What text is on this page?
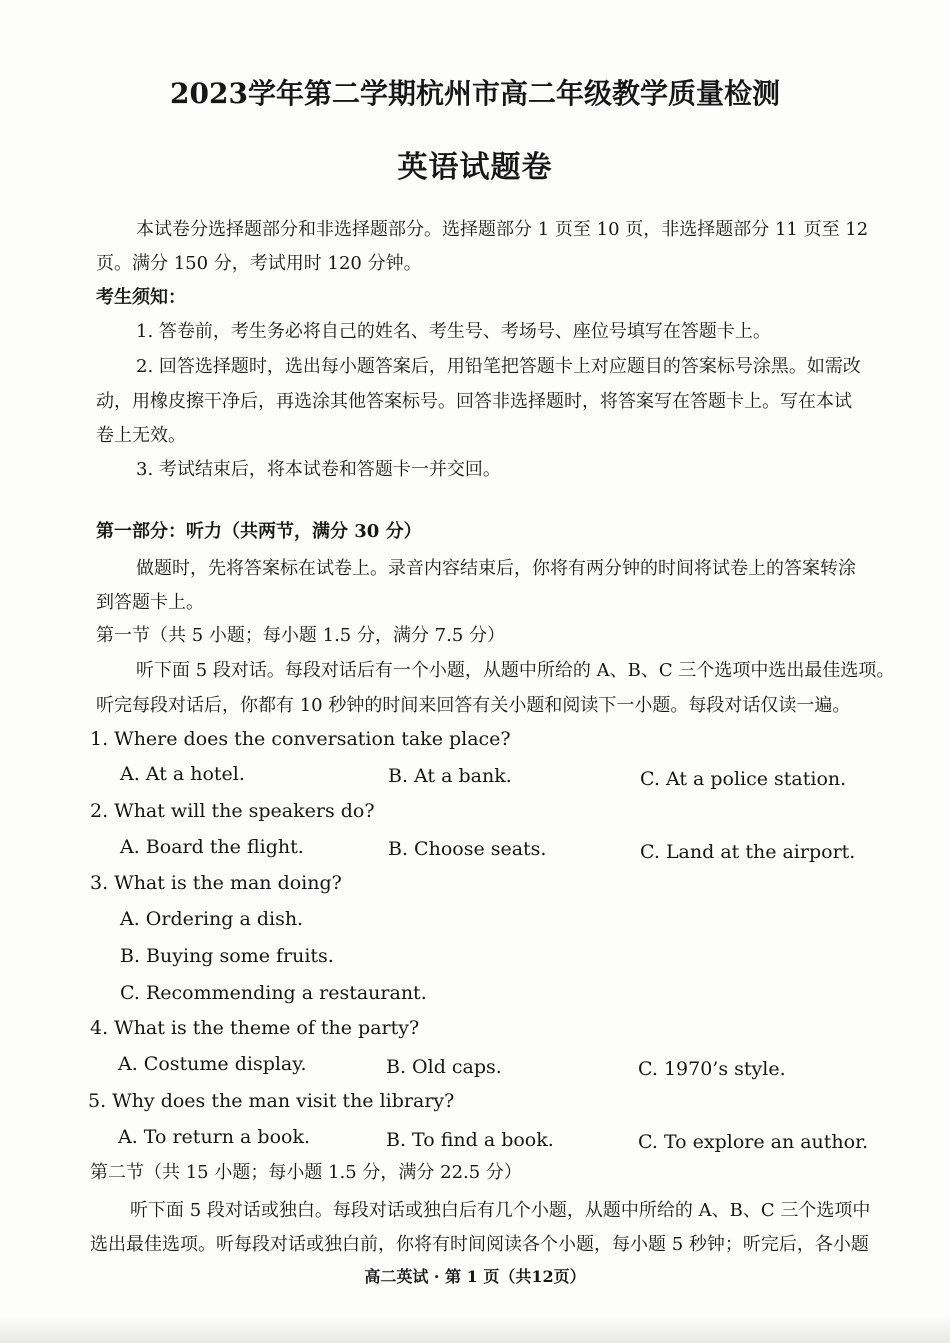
2023学年第二学期杭州市高二年级教学质量检测
英语试题卷

本试卷分选择题部分和非选择题部分。选择题部分 1 页至 10 页，非选择题部分 11 页至 12

页。满分 150 分，考试用时 120 分钟。

考生须知：

1. 答卷前，考生务必将自己的姓名、考生号、考场号、座位号填写在答题卡上。

2. 回答选择题时，选出每小题答案后，用铅笔把答题卡上对应题目的答案标号涂黑。如需改

动，用橡皮擦干净后，再选涂其他答案标号。回答非选择题时，将答案写在答题卡上。写在本试

卷上无效。

3. 考试结束后，将本试卷和答题卡一并交回。

第一部分：听力（共两节，满分 30 分）

做题时，先将答案标在试卷上。录音内容结束后，你将有两分钟的时间将试卷上的答案转涂

到答题卡上。

第一节（共 5 小题；每小题 1.5 分，满分 7.5 分）

听下面 5 段对话。每段对话后有一个小题，从题中所给的 A、B、C 三个选项中选出最佳选项。

听完每段对话后，你都有 10 秒钟的时间来回答有关小题和阅读下一小题。每段对话仅读一遍。

1. Where does the conversation take place?

A. At a hotel.	B. At a bank.	C. At a police station.

2. What will the speakers do?

A. Board the flight.	B. Choose seats.	C. Land at the airport.

3. What is the man doing?

A. Ordering a dish.

B. Buying some fruits.

C. Recommending a restaurant.

4. What is the theme of the party?

A. Costume display.	B. Old caps.	C. 1970’s style.

5. Why does the man visit the library?

A. To return a book.	B. To find a book.	C. To explore an author.

第二节（共 15 小题；每小题 1.5 分，满分 22.5 分）

听下面 5 段对话或独白。每段对话或独白后有几个小题，从题中所给的 A、B、C 三个选项中

选出最佳选项。听每段对话或独白前，你将有时间阅读各个小题，每小题 5 秒钟；听完后，各小题

高二英试 · 第 1 页（共12页）
